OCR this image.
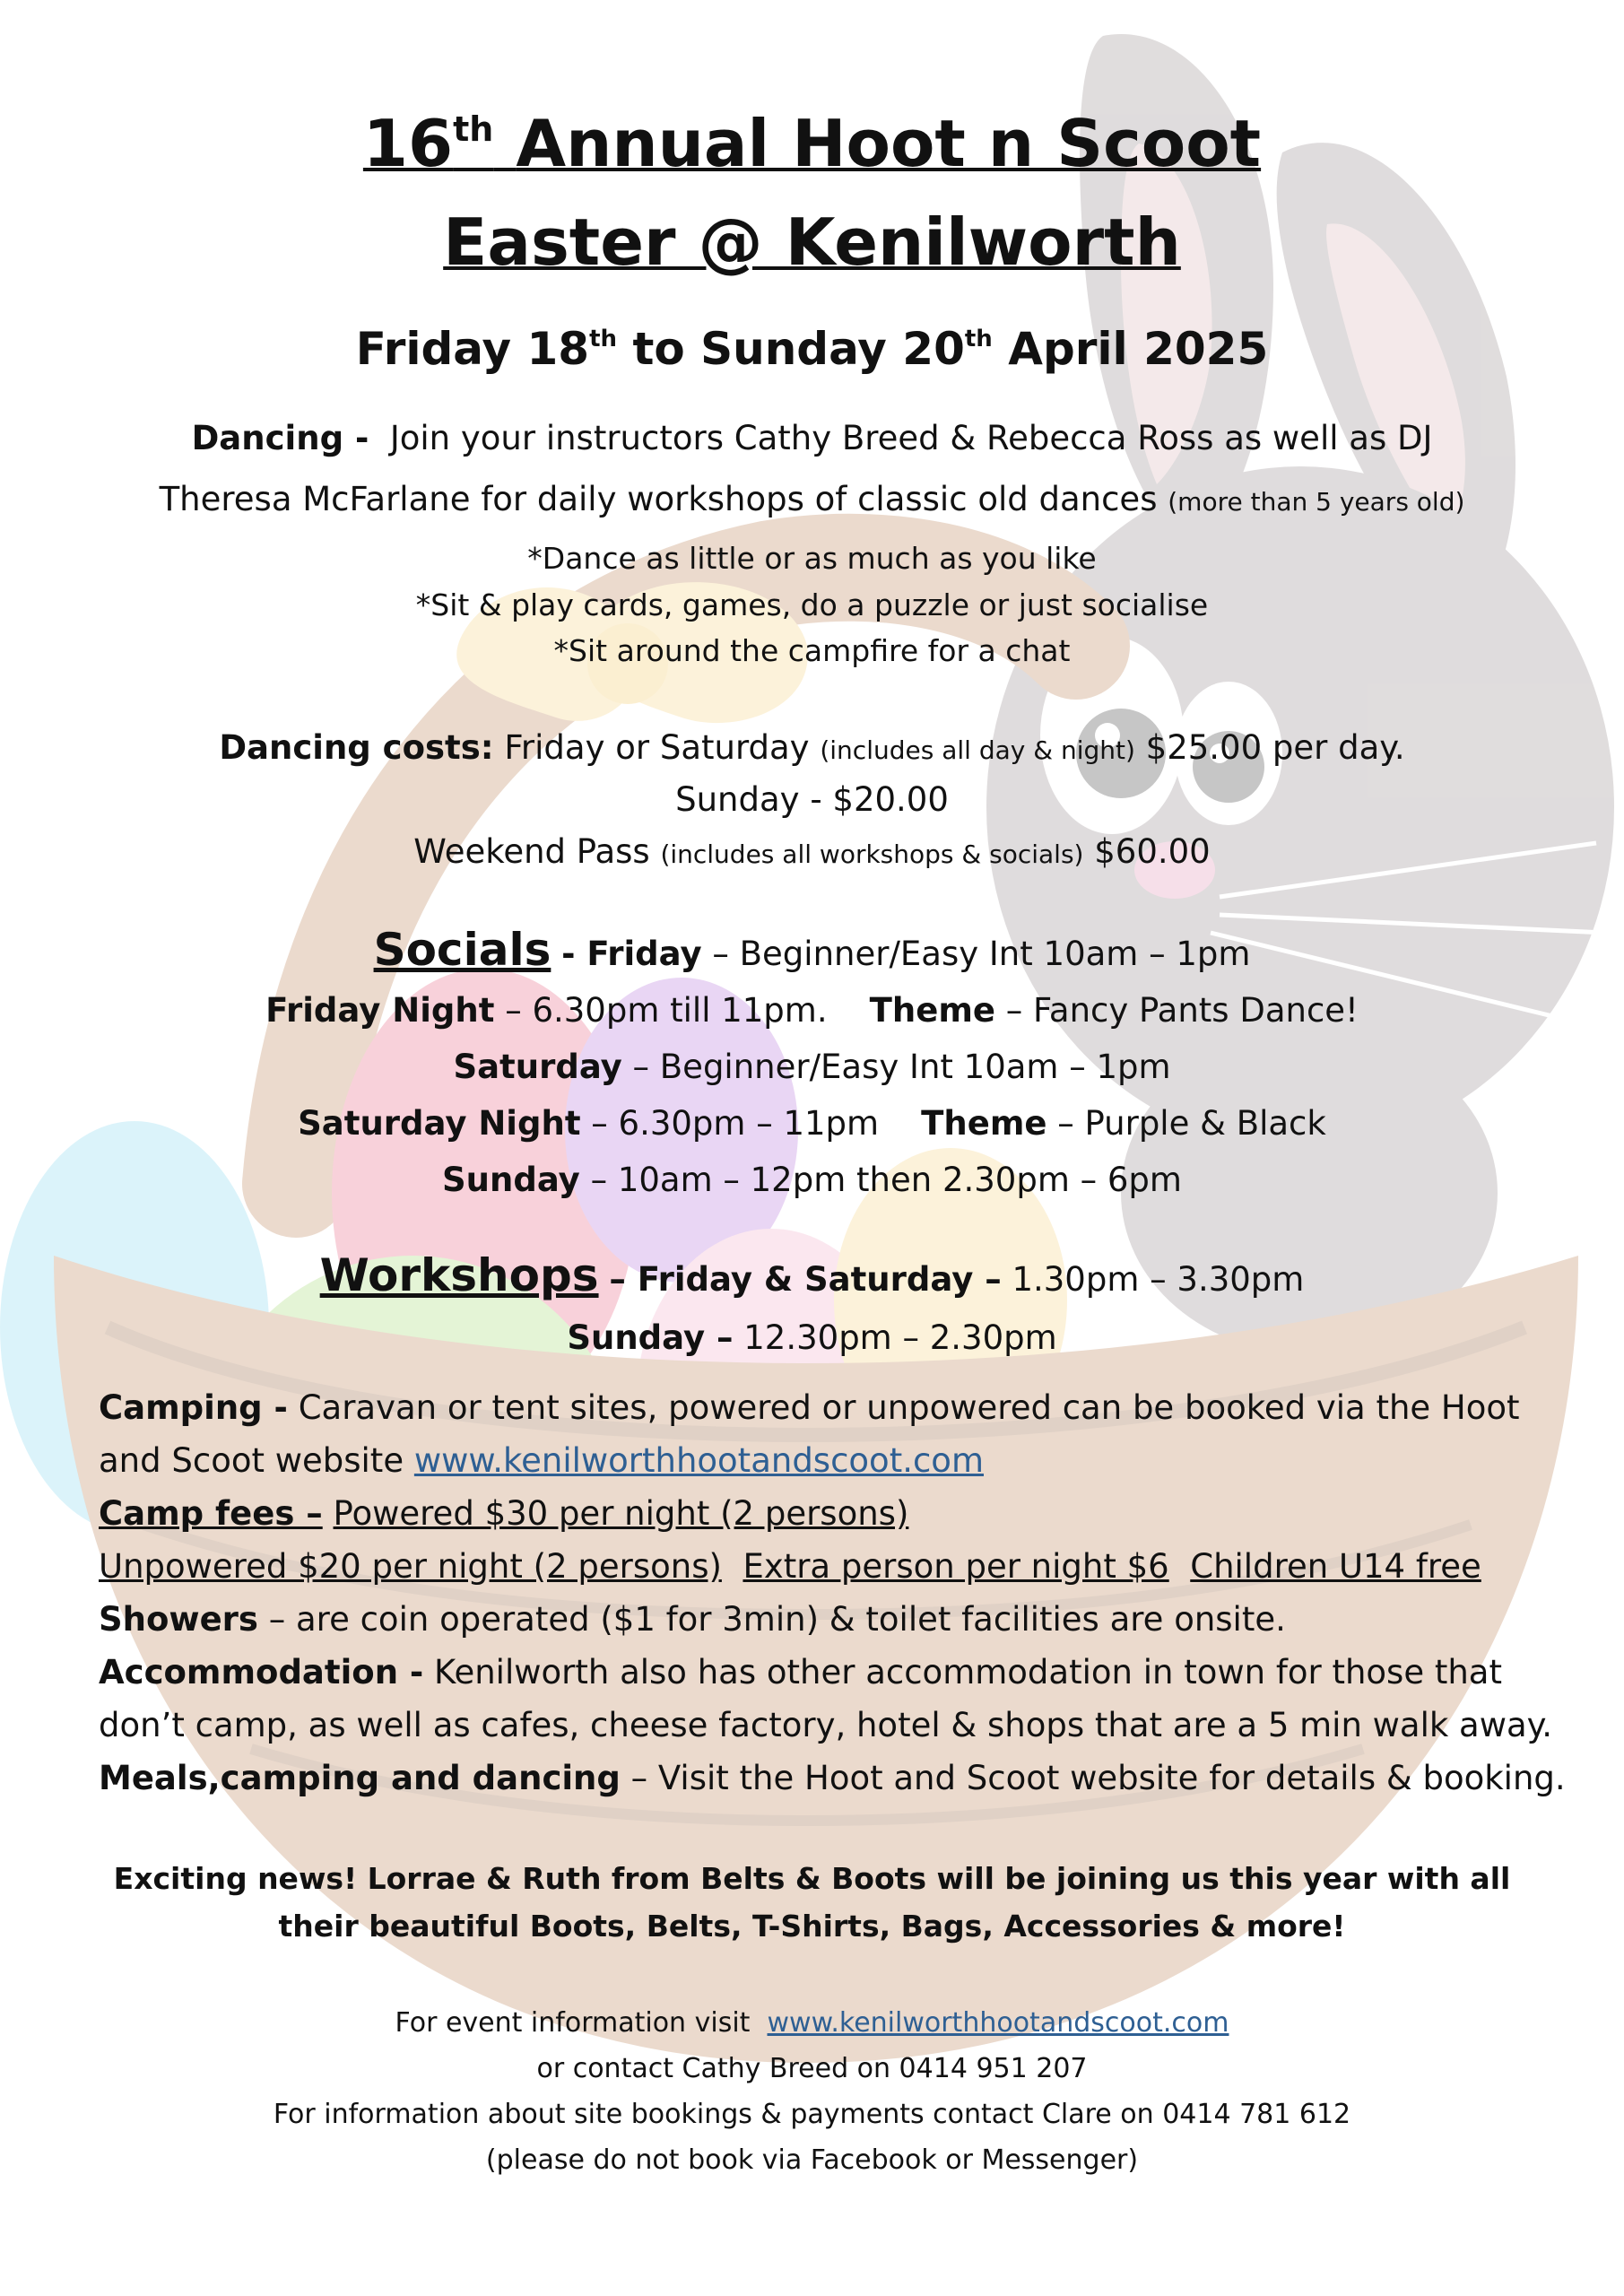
16th Annual Hoot n Scoot
Easter @ Kenilworth
Friday 18th to Sunday 20th April 2025
Dancing - Join your instructors Cathy Breed & Rebecca Ross as well as DJ
Theresa McFarlane for daily workshops of classic old dances (more than 5 years old)
*Dance as little or as much as you like
*Sit & play cards, games, do a puzzle or just socialise
*Sit around the campfire for a chat
Dancing costs: Friday or Saturday (includes all day & night) $25.00 per day.
Sunday - $20.00
Weekend Pass (includes all workshops & socials) $60.00
Socials - Friday – Beginner/Easy Int 10am – 1pm
Friday Night – 6.30pm till 11pm. Theme – Fancy Pants Dance!
Saturday – Beginner/Easy Int 10am – 1pm
Saturday Night – 6.30pm – 11pm Theme – Purple & Black
Sunday – 10am – 12pm then 2.30pm – 6pm
Workshops – Friday & Saturday – 1.30pm – 3.30pm
Sunday – 12.30pm – 2.30pm
Camping - Caravan or tent sites, powered or unpowered can be booked via the Hoot
and Scoot website www.kenilworthhootandscoot.com
Camp fees – Powered $30 per night (2 persons)
Unpowered $20 per night (2 persons) Extra person per night $6 Children U14 free
Showers – are coin operated ($1 for 3min) & toilet facilities are onsite.
Accommodation - Kenilworth also has other accommodation in town for those that
don’t camp, as well as cafes, cheese factory, hotel & shops that are a 5 min walk away.
Meals,camping and dancing – Visit the Hoot and Scoot website for details & booking.
Exciting news! Lorrae & Ruth from Belts & Boots will be joining us this year with all
their beautiful Boots, Belts, T-Shirts, Bags, Accessories & more!
For event information visit www.kenilworthhootandscoot.com
or contact Cathy Breed on 0414 951 207
For information about site bookings & payments contact Clare on 0414 781 612
(please do not book via Facebook or Messenger)
